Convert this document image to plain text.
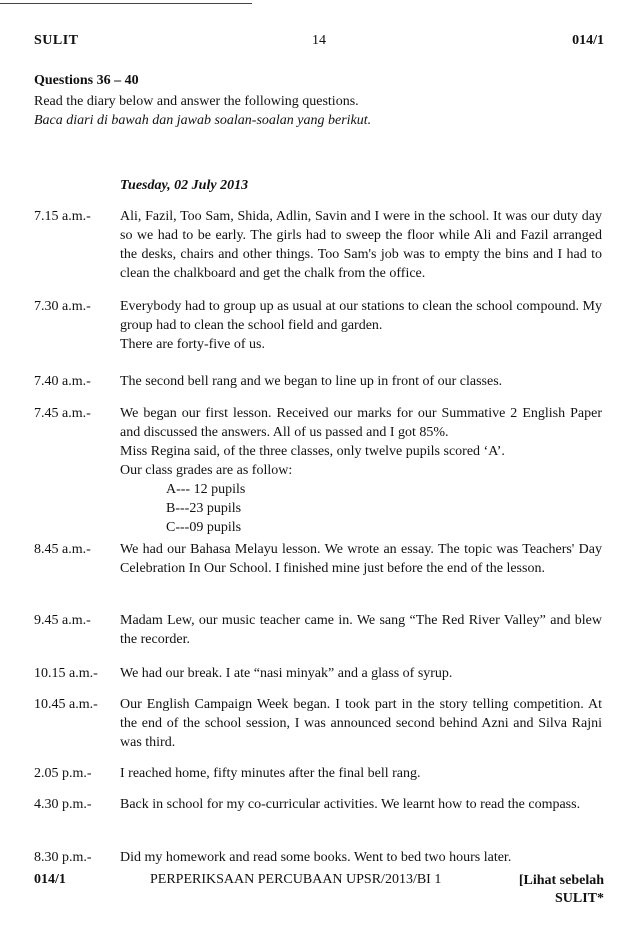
SULIT	14	014/1
Questions 36 – 40
Read the diary below and answer the following questions.
Baca diari di bawah dan jawab soalan-soalan yang berikut.
Tuesday, 02 July 2013
7.15 a.m.-	Ali, Fazil, Too Sam, Shida, Adlin, Savin and I were in the school. It was our duty day so we had to be early. The girls had to sweep the floor while Ali and Fazil arranged the desks, chairs and other things. Too Sam's job was to empty the bins and I had to clean the chalkboard and get the chalk from the office.
7.30 a.m.-	Everybody had to group up as usual at our stations to clean the school compound. My group had to clean the school field and garden.
There are forty-five of us.
7.40 a.m.-	The second bell rang and we began to line up in front of our classes.
7.45 a.m.-	We began our first lesson. Received our marks for our Summative 2 English Paper and discussed the answers. All of us passed and I got 85%.
Miss Regina said, of the three classes, only twelve pupils scored ‘A’.
Our class grades are as follow:
A--- 12 pupils
B---23 pupils
C---09 pupils
8.45 a.m.-	We had our Bahasa Melayu lesson. We wrote an essay. The topic was Teachers' Day Celebration In Our School. I finished mine just before the end of the lesson.
9.45 a.m.-	Madam Lew, our music teacher came in. We sang “The Red River Valley” and blew the recorder.
10.15 a.m.-	We had our break. I ate “nasi minyak” and a glass of syrup.
10.45 a.m.-	Our English Campaign Week began. I took part in the story telling competition. At the end of the school session, I was announced second behind Azni and Silva Rajni was third.
2.05 p.m.-	I reached home, fifty minutes after the final bell rang.
4.30 p.m.-	Back in school for my co-curricular activities. We learnt how to read the compass.
8.30 p.m.-	Did my homework and read some books. Went to bed two hours later.
014/1	PERPERIKSAAN PERCUBAAN UPSR/2013/BI 1	[Lihat sebelah
SULIT*
